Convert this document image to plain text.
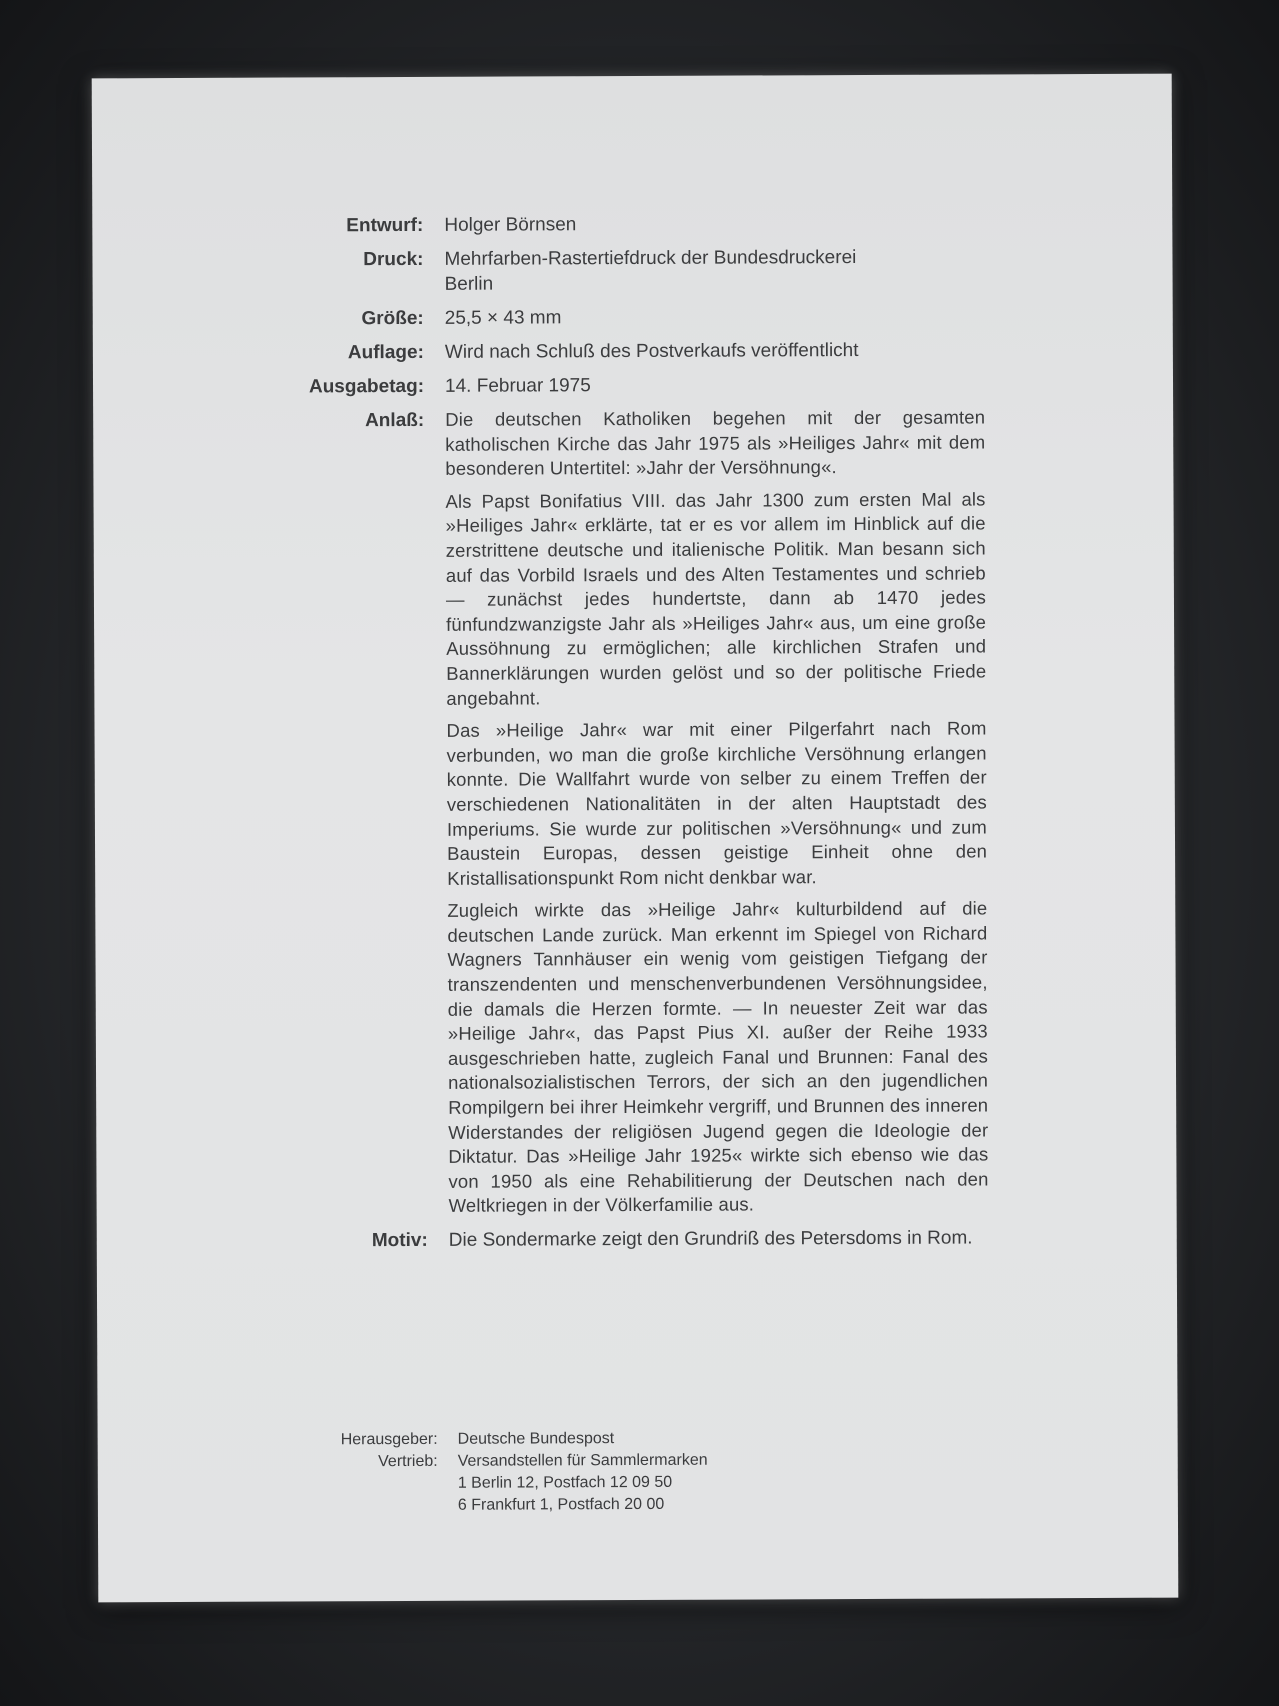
Entwurf:	Holger Börnsen
Druck:	Mehrfarben-Rastertiefdruck der Bundesdruckerei
Berlin
Größe:	25,5 × 43 mm
Auflage:	Wird nach Schluß des Postverkaufs veröffentlicht
Ausgabetag:	14. Februar 1975
Anlaß:	Die deutschen Katholiken begehen mit der gesamten katholischen Kirche das Jahr 1975 als »Heiliges Jahr« mit dem besonderen Untertitel: »Jahr der Versöhnung«.

Als Papst Bonifatius VIII. das Jahr 1300 zum ersten Mal als »Heiliges Jahr« erklärte, tat er es vor allem im Hinblick auf die zerstrittene deutsche und italienische Politik. Man besann sich auf das Vorbild Israels und des Alten Testamentes und schrieb — zunächst jedes hundertste, dann ab 1470 jedes fünfundzwanzigste Jahr als »Heiliges Jahr« aus, um eine große Aussöhnung zu ermöglichen; alle kirchlichen Strafen und Bannerklärungen wurden gelöst und so der politische Friede angebahnt.

Das »Heilige Jahr« war mit einer Pilgerfahrt nach Rom verbunden, wo man die große kirchliche Versöhnung erlangen konnte. Die Wallfahrt wurde von selber zu einem Treffen der verschiedenen Nationalitäten in der alten Hauptstadt des Imperiums. Sie wurde zur politischen »Versöhnung« und zum Baustein Europas, dessen geistige Einheit ohne den Kristallisationspunkt Rom nicht denkbar war.

Zugleich wirkte das »Heilige Jahr« kulturbildend auf die deutschen Lande zurück. Man erkennt im Spiegel von Richard Wagners Tannhäuser ein wenig vom geistigen Tiefgang der transzendenten und menschenverbundenen Versöhnungsidee, die damals die Herzen formte. — In neuester Zeit war das »Heilige Jahr«, das Papst Pius XI. außer der Reihe 1933 ausgeschrieben hatte, zugleich Fanal und Brunnen: Fanal des nationalsozialistischen Terrors, der sich an den jugendlichen Rompilgern bei ihrer Heimkehr vergriff, und Brunnen des inneren Widerstandes der religiösen Jugend gegen die Ideologie der Diktatur. Das »Heilige Jahr 1925« wirkte sich ebenso wie das von 1950 als eine Rehabilitierung der Deutschen nach den Weltkriegen in der Völkerfamilie aus.

Motiv:	Die Sondermarke zeigt den Grundriß des Petersdoms in Rom.
Herausgeber:	Deutsche Bundespost
Vertrieb:	Versandstellen für Sammlermarken
1 Berlin 12, Postfach 12 09 50
6 Frankfurt 1, Postfach 20 00
